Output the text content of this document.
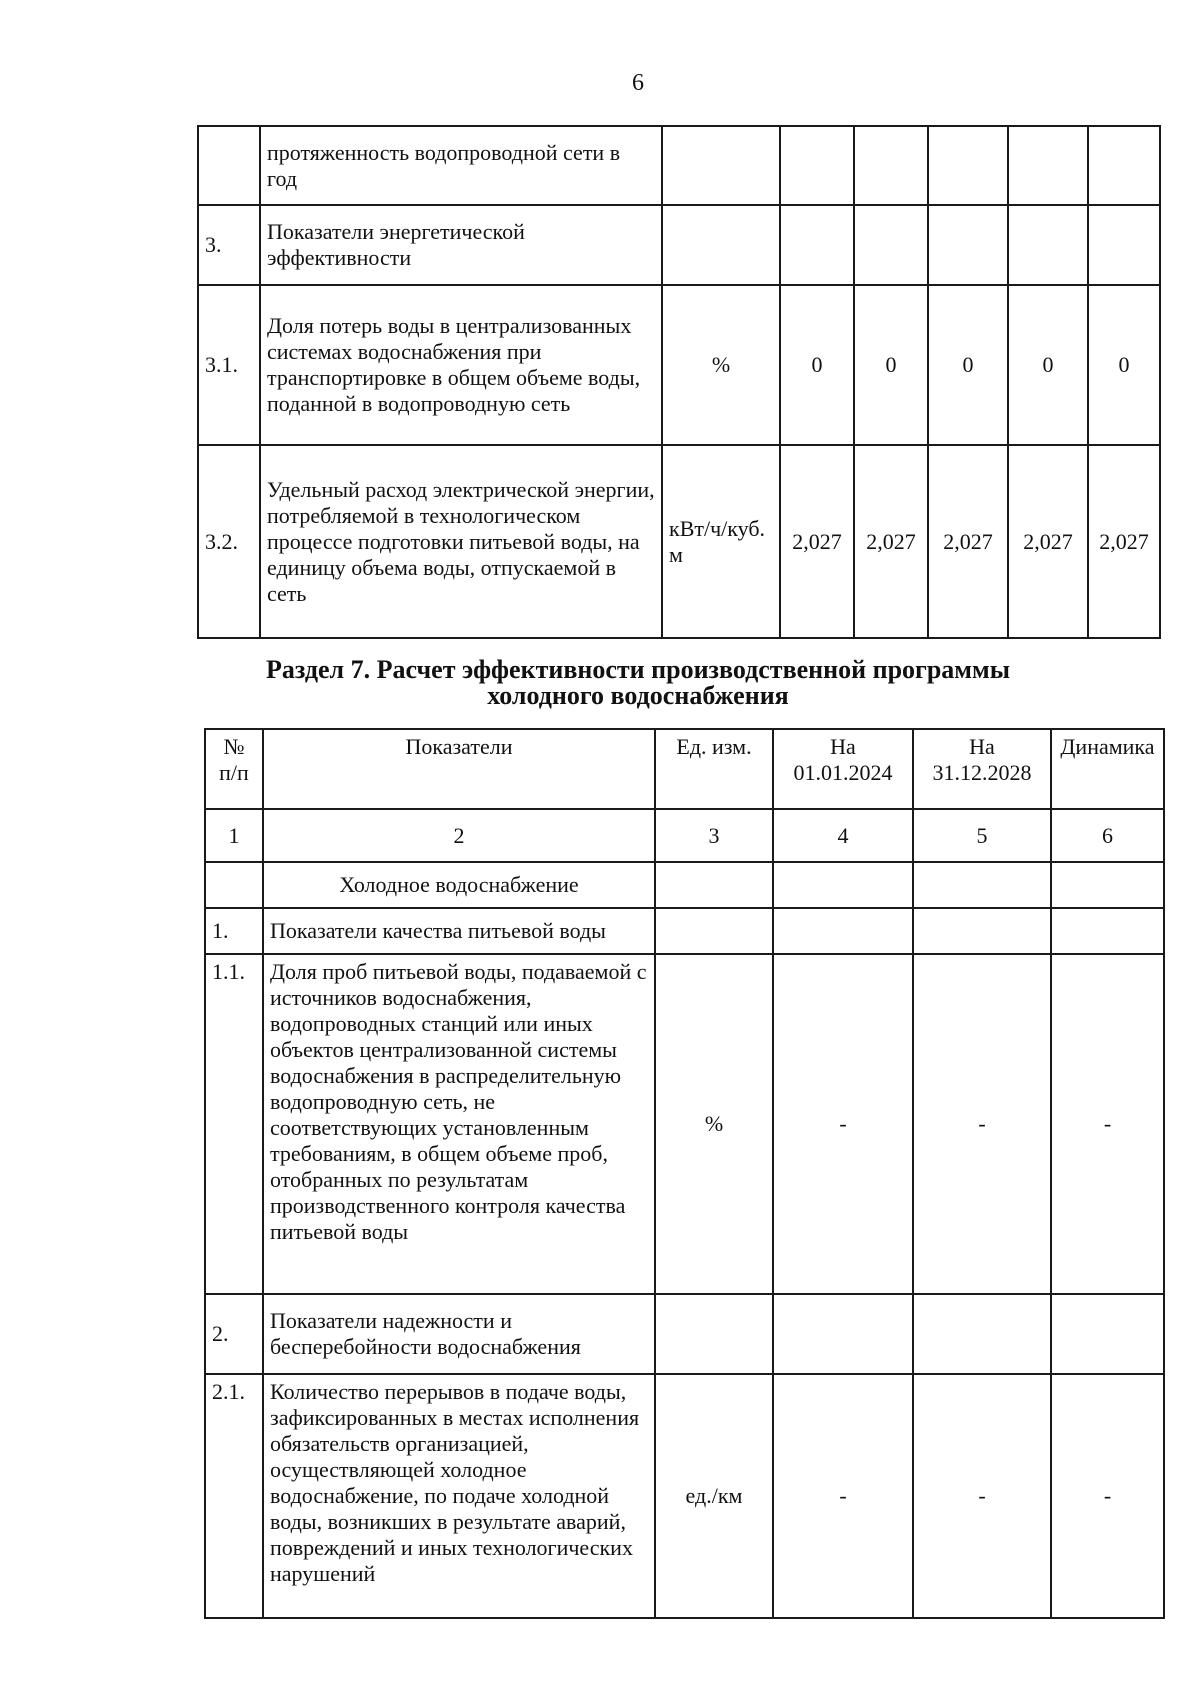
6
	протяженность водопроводной сети в год						
3.	Показатели энергетической эффективности						
3.1.	Доля потерь воды в централизованных системах водоснабжения при транспортировке в общем объеме воды, поданной в водопроводную сеть	%	0	0	0	0	0
3.2.	Удельный расход электрической энергии, потребляемой в технологическом процессе подготовки питьевой воды, на единицу объема воды, отпускаемой в сеть	кВт/ч/куб. м	2,027	2,027	2,027	2,027	2,027
Раздел 7. Расчет эффективности производственной программы
холодного водоснабжения
№ п/п	Показатели	Ед. изм.	На 01.01.2024	На 31.12.2028	Динамика
1	2	3	4	5	6
	Холодное водоснабжение				
1.	Показатели качества питьевой воды				
1.1.	Доля проб питьевой воды, подаваемой с источников водоснабжения, водопроводных станций или иных объектов централизованной системы водоснабжения в распределительную водопроводную сеть, не соответствующих установленным требованиям, в общем объеме проб, отобранных по результатам производственного контроля качества питьевой воды	%	-	-	-
2.	Показатели надежности и бесперебойности водоснабжения				
2.1.	Количество перерывов в подаче воды, зафиксированных в местах исполнения обязательств организацией, осуществляющей холодное водоснабжение, по подаче холодной воды, возникших в результате аварий, повреждений и иных технологических нарушений	ед./км	-	-	-
